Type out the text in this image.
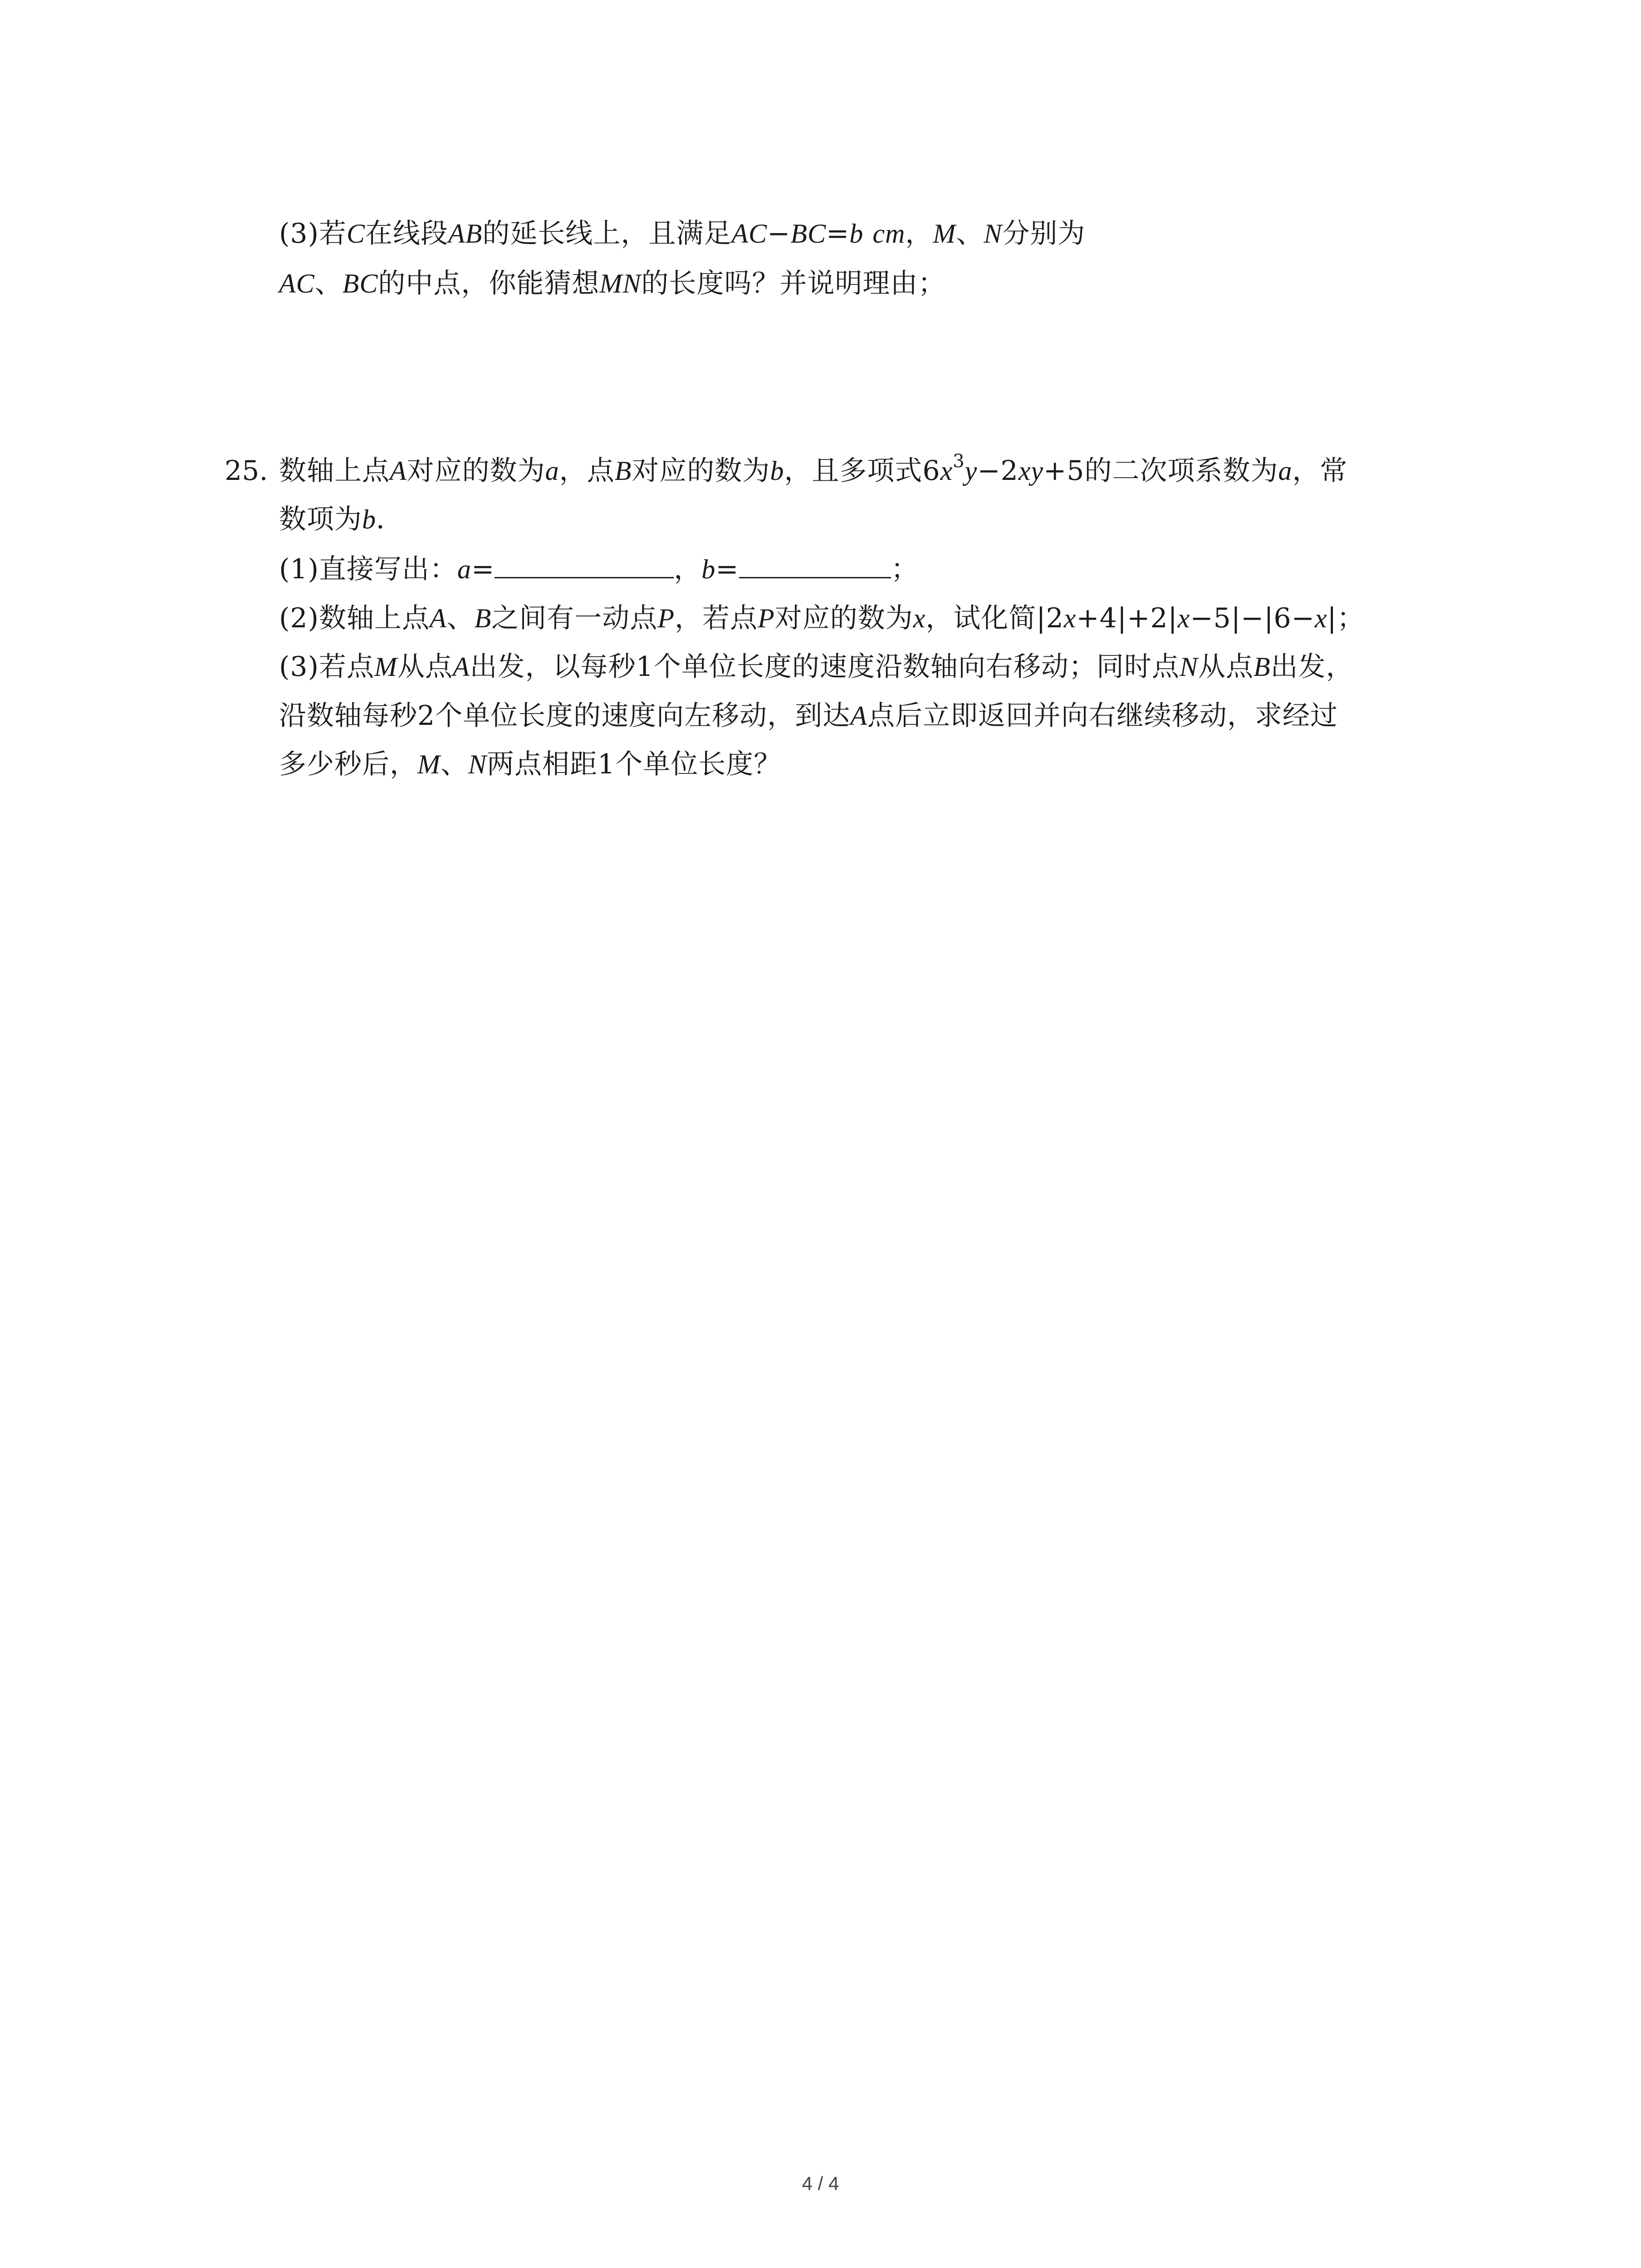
(3)若C在线段AB的延长线上，且满足AC−BC=b cm，M、N分别为
AC、BC的中点，你能猜想MN的长度吗？并说明理由；
25. 数轴上点A对应的数为a，点B对应的数为b，且多项式$6x^3y-2xy+5$的二次项系数为a，常
数项为b．
(1)直接写出：a=	，b=	；
(2)数轴上点A、B之间有一动点P，若点P对应的数为x，试化简|2x+4|+2|x−5|−|6−x|；
(3)若点M从点A出发，以每秒1个单位长度的速度沿数轴向右移动；同时点N从点B出发，
沿数轴每秒2个单位长度的速度向左移动，到达A点后立即返回并向右继续移动，求经过
多少秒后，M、N两点相距1个单位长度？
4 / 4
